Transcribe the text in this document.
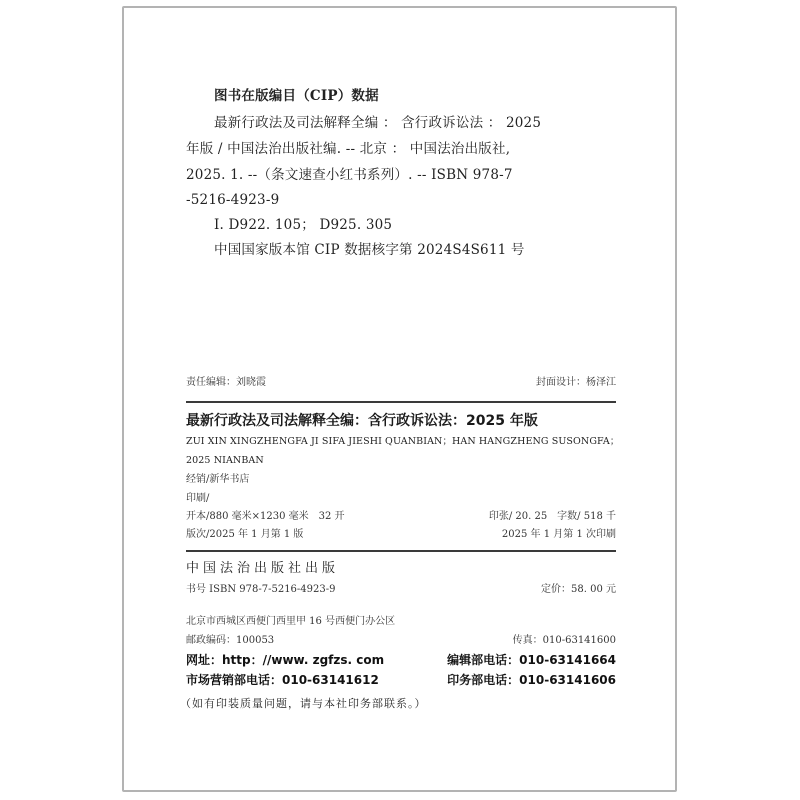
图书在版编目（CIP）数据
最新行政法及司法解释全编 ： 含行政诉讼法 ： 2025
年版 / 中国法治出版社编. -- 北京 ： 中国法治出版社,
2025. 1. --（条文速查小红书系列）. -- ISBN 978-7
-5216-4923-9
Ⅰ. D922. 105； D925. 305
中国国家版本馆 CIP 数据核字第 2024S4S611 号
责任编辑：刘晓霞	封面设计：杨泽江
最新行政法及司法解释全编：含行政诉讼法：2025 年版
ZUI XIN XINGZHENGFA JI SIFA JIESHI QUANBIAN；HAN HANGZHENG SUSONGFA；
2025 NIANBAN
经销/新华书店
印刷/
开本/880 毫米×1230 毫米　32 开	印张/ 20. 25　字数/ 518 千
版次/2025 年 1 月第 1 版	2025 年 1 月第 1 次印刷
中国法治出版社出版
书号 ISBN 978-7-5216-4923-9	定价：58. 00 元
北京市西城区西便门西里甲 16 号西便门办公区
邮政编码：100053	传真：010-63141600
网址：http：//www. zgfzs. com	编辑部电话：010-63141664
市场营销部电话：010-63141612	印务部电话：010-63141606
（如有印装质量问题，请与本社印务部联系。）
